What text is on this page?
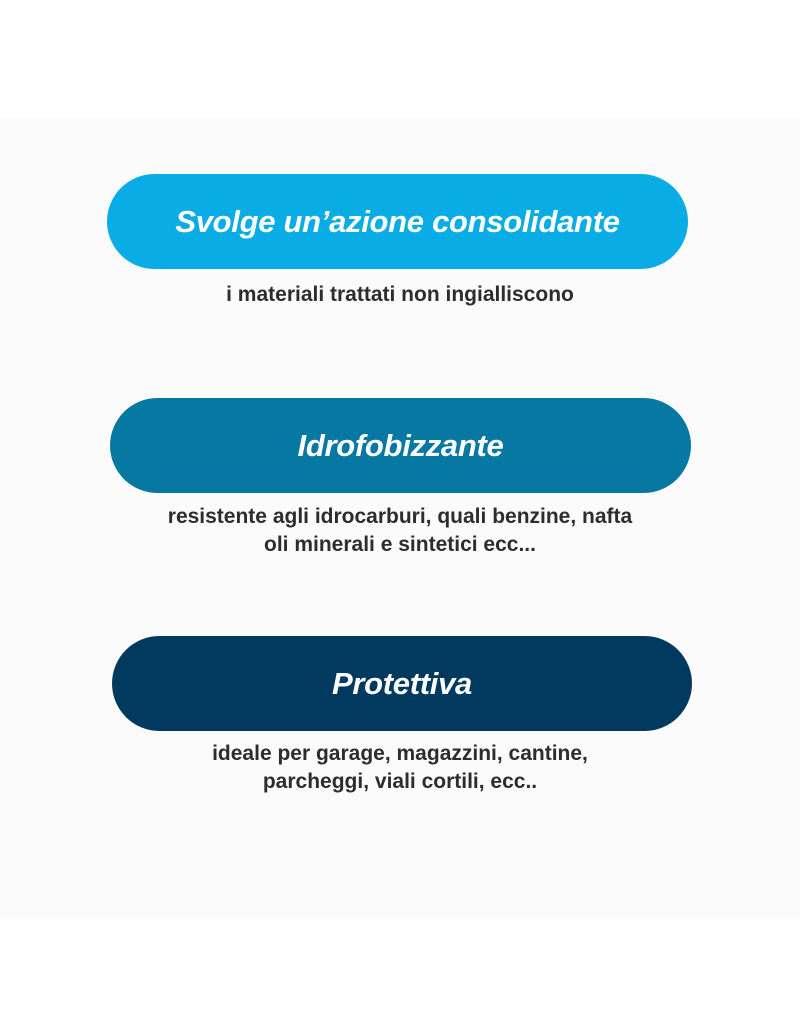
Svolge un’azione consolidante
i materiali trattati non ingialliscono
Idrofobizzante
resistente agli idrocarburi, quali benzine, nafta
oli minerali e sintetici ecc...
Protettiva
ideale per garage, magazzini, cantine,
parcheggi, viali cortili, ecc..
